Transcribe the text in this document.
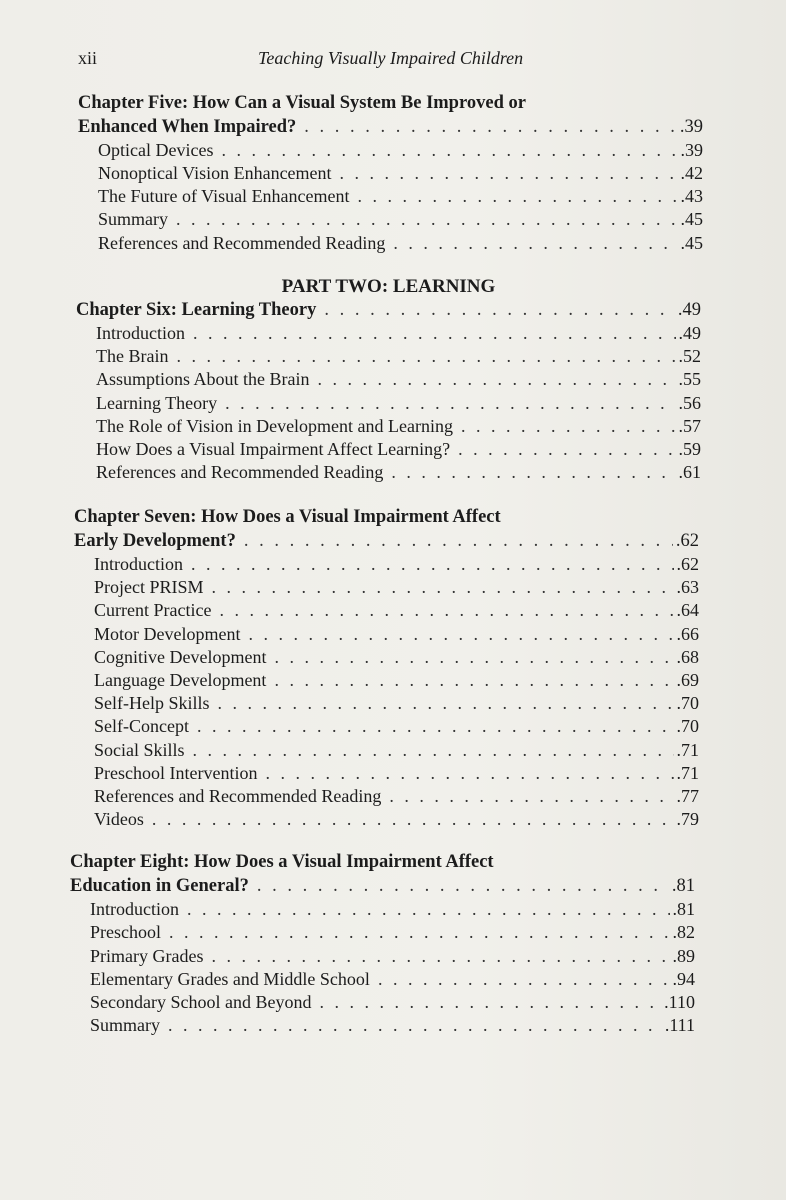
xii	Teaching Visually Impaired Children
Chapter Five: How Can a Visual System Be Improved or
Enhanced When Impaired? . . .	.39
Optical Devices . . .	.39
Nonoptical Vision Enhancement . . .	.42
The Future of Visual Enhancement . . .	.43
Summary . . .	.45
References and Recommended Reading . . .	.45
PART TWO: LEARNING
Chapter Six: Learning Theory . . .	.49
Introduction . . .	.49
The Brain . . .	.52
Assumptions About the Brain . . .	.55
Learning Theory . . .	.56
The Role of Vision in Development and Learning . . .	.57
How Does a Visual Impairment Affect Learning? . . .	.59
References and Recommended Reading . . .	.61
Chapter Seven: How Does a Visual Impairment Affect
Early Development? . . .	.62
Introduction . . .	.62
Project PRISM . . .	.63
Current Practice . . .	.64
Motor Development . . .	.66
Cognitive Development . . .	.68
Language Development . . .	.69
Self-Help Skills . . .	.70
Self-Concept . . .	.70
Social Skills . . .	.71
Preschool Intervention . . .	.71
References and Recommended Reading . . .	.77
Videos . . .	.79
Chapter Eight: How Does a Visual Impairment Affect
Education in General? . . .	.81
Introduction . . .	.81
Preschool . . .	.82
Primary Grades . . .	.89
Elementary Grades and Middle School . . .	.94
Secondary School and Beyond . . .	.110
Summary . . .	.111
